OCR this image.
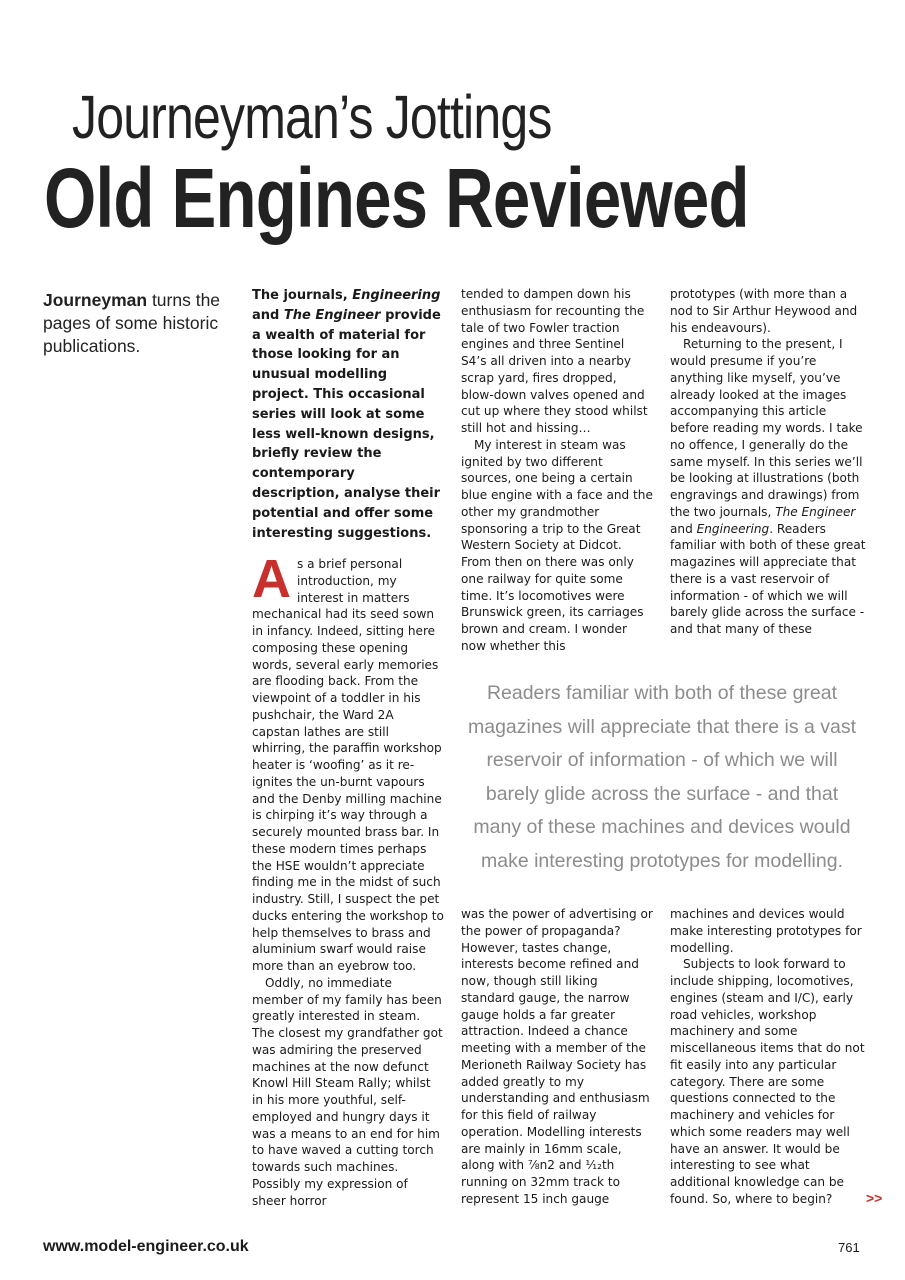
Journeyman’s Jottings
Old Engines Reviewed

Journeyman turns the pages of some historic publications.

The journals, Engineering and The Engineer provide a wealth of material for those looking for an unusual modelling project. This occasional series will look at some less well-known designs, briefly review the contemporary description, analyse their potential and offer some interesting suggestions.

As a brief personal introduction, my interest in matters mechanical had its seed sown in infancy. Indeed, sitting here composing these opening words, several early memories are flooding back. From the viewpoint of a toddler in his pushchair, the Ward 2A capstan lathes are still whirring, the paraffin workshop heater is ‘woofing’ as it re-ignites the un-burnt vapours and the Denby milling machine is chirping it’s way through a securely mounted brass bar. In these modern times perhaps the HSE wouldn’t appreciate finding me in the midst of such industry. Still, I suspect the pet ducks entering the workshop to help themselves to brass and aluminium swarf would raise more than an eyebrow too.

Oddly, no immediate member of my family has been greatly interested in steam. The closest my grandfather got was admiring the preserved machines at the now defunct Knowl Hill Steam Rally; whilst in his more youthful, self-employed and hungry days it was a means to an end for him to have waved a cutting torch towards such machines. Possibly my expression of sheer horror

tended to dampen down his enthusiasm for recounting the tale of two Fowler traction engines and three Sentinel S4’s all driven into a nearby scrap yard, fires dropped, blow-down valves opened and cut up where they stood whilst still hot and hissing…

My interest in steam was ignited by two different sources, one being a certain blue engine with a face and the other my grandmother sponsoring a trip to the Great Western Society at Didcot. From then on there was only one railway for quite some time. It’s locomotives were Brunswick green, its carriages brown and cream. I wonder now whether this

prototypes (with more than a nod to Sir Arthur Heywood and his endeavours).

Returning to the present, I would presume if you’re anything like myself, you’ve already looked at the images accompanying this article before reading my words. I take no offence, I generally do the same myself. In this series we’ll be looking at illustrations (both engravings and drawings) from the two journals, The Engineer and Engineering. Readers familiar with both of these great magazines will appreciate that there is a vast reservoir of information - of which we will barely glide across the surface - and that many of these

Readers familiar with both of these great magazines will appreciate that there is a vast reservoir of information - of which we will barely glide across the surface - and that many of these machines and devices would make interesting prototypes for modelling.

was the power of advertising or the power of propaganda? However, tastes change, interests become refined and now, though still liking standard gauge, the narrow gauge holds a far greater attraction. Indeed a chance meeting with a member of the Merioneth Railway Society has added greatly to my understanding and enthusiasm for this field of railway operation. Modelling interests are mainly in 16mm scale, along with ⅞n2 and ¹⁄₁₂th running on 32mm track to represent 15 inch gauge

machines and devices would make interesting prototypes for modelling.

Subjects to look forward to include shipping, locomotives, engines (steam and I/C), early road vehicles, workshop machinery and some miscellaneous items that do not fit easily into any particular category. There are some questions connected to the machinery and vehicles for which some readers may well have an answer. It would be interesting to see what additional knowledge can be found. So, where to begin?	>>

www.model-engineer.co.uk	761
